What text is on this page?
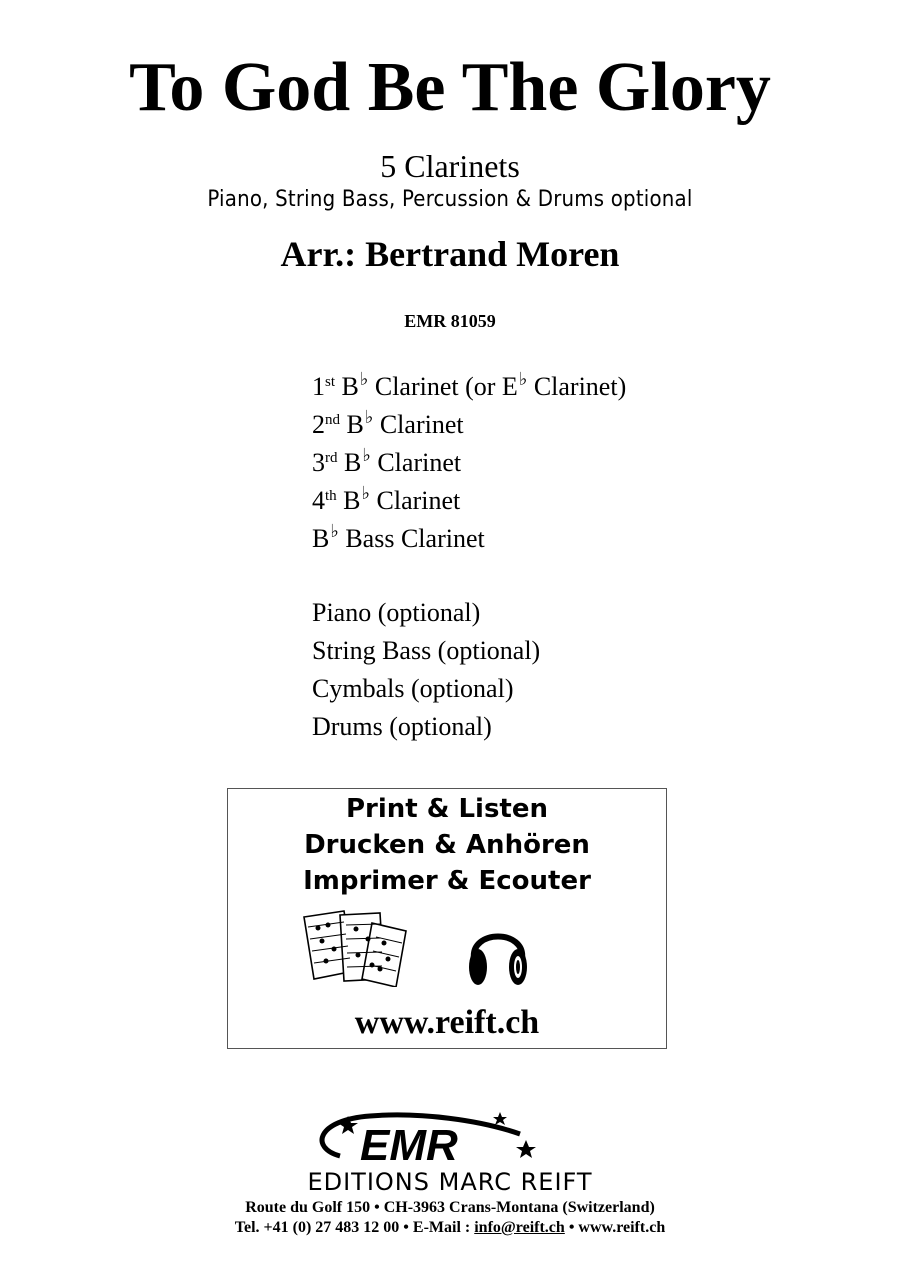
To God Be The Glory
5 Clarinets
Piano, String Bass, Percussion & Drums optional
Arr.: Bertrand Moren
EMR 81059
1st B♭ Clarinet (or E♭ Clarinet)
2nd B♭ Clarinet
3rd B♭ Clarinet
4th B♭ Clarinet
B♭ Bass Clarinet
Piano (optional)
String Bass (optional)
Cymbals (optional)
Drums (optional)
Print & Listen
Drucken & Anhören
Imprimer & Ecouter
www.reift.ch
EMR
EDITIONS MARC REIFT
Route du Golf 150 • CH-3963 Crans-Montana (Switzerland)
Tel. +41 (0) 27 483 12 00 • E-Mail : info@reift.ch • www.reift.ch
